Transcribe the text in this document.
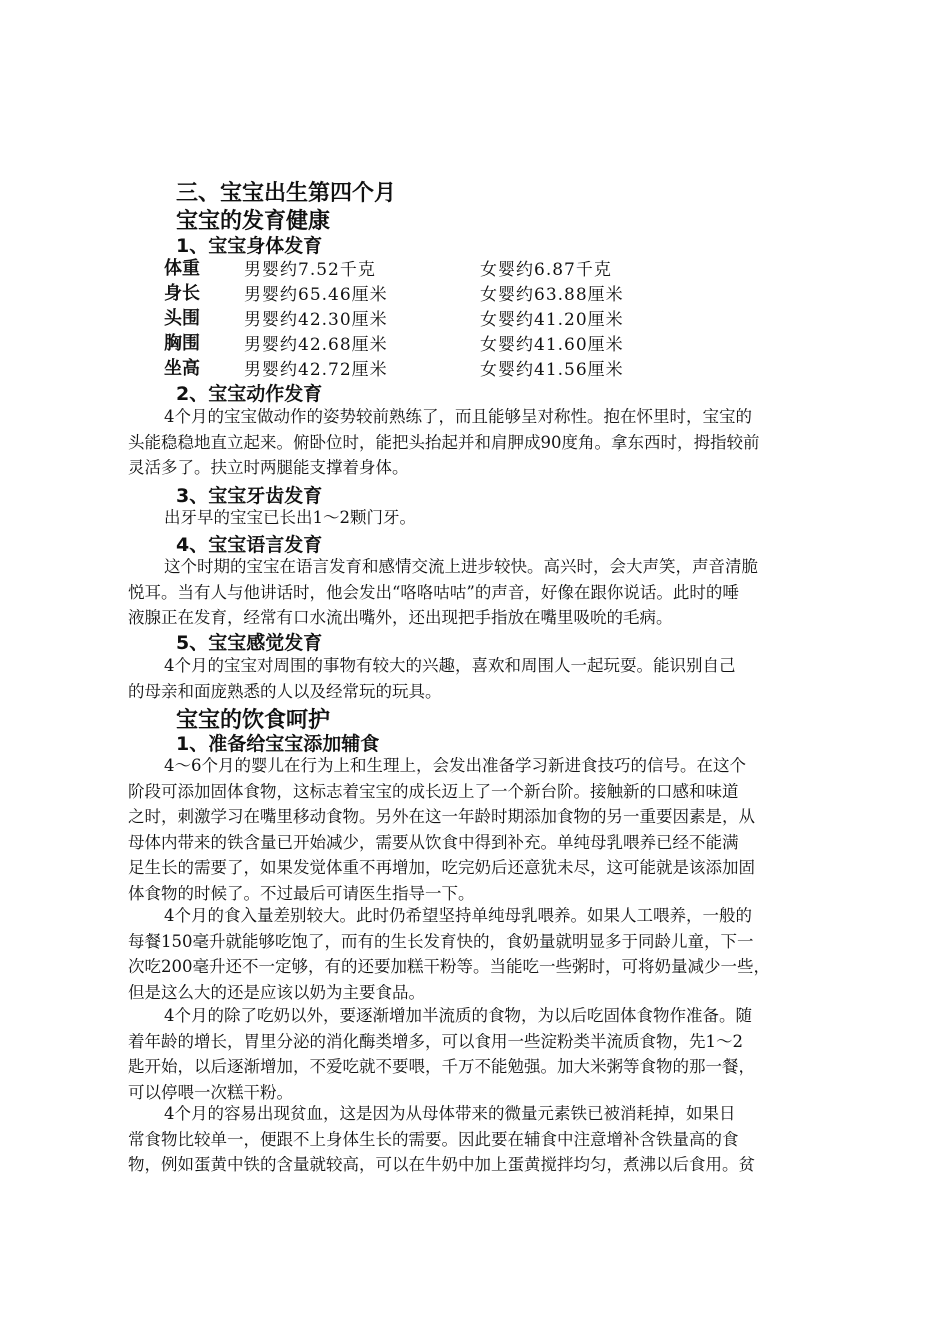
三、宝宝出生第四个月
宝宝的发育健康
1、宝宝身体发育
体重	男婴约7.52千克	女婴约6.87千克
身长	男婴约65.46厘米	女婴约63.88厘米
头围	男婴约42.30厘米	女婴约41.20厘米
胸围	男婴约42.68厘米	女婴约41.60厘米
坐高	男婴约42.72厘米	女婴约41.56厘米
2、宝宝动作发育
4个月的宝宝做动作的姿势较前熟练了，而且能够呈对称性。抱在怀里时，宝宝的
头能稳稳地直立起来。俯卧位时，能把头抬起并和肩胛成90度角。拿东西时，拇指较前
灵活多了。扶立时两腿能支撑着身体。
3、宝宝牙齿发育
出牙早的宝宝已长出1～2颗门牙。
4、宝宝语言发育
这个时期的宝宝在语言发育和感情交流上进步较快。高兴时，会大声笑，声音清脆
悦耳。当有人与他讲话时，他会发出“咯咯咕咕”的声音，好像在跟你说话。此时的唾
液腺正在发育，经常有口水流出嘴外，还出现把手指放在嘴里吸吮的毛病。
5、宝宝感觉发育
4个月的宝宝对周围的事物有较大的兴趣，喜欢和周围人一起玩耍。能识别自己
的母亲和面庞熟悉的人以及经常玩的玩具。
宝宝的饮食呵护
1、准备给宝宝添加辅食
4～6个月的婴儿在行为上和生理上，会发出准备学习新进食技巧的信号。在这个
阶段可添加固体食物，这标志着宝宝的成长迈上了一个新台阶。接触新的口感和味道
之时，刺激学习在嘴里移动食物。另外在这一年龄时期添加食物的另一重要因素是，从
母体内带来的铁含量已开始减少，需要从饮食中得到补充。单纯母乳喂养已经不能满
足生长的需要了，如果发觉体重不再增加，吃完奶后还意犹未尽，这可能就是该添加固
体食物的时候了。不过最后可请医生指导一下。
4个月的食入量差别较大。此时仍希望坚持单纯母乳喂养。如果人工喂养，一般的
每餐150毫升就能够吃饱了，而有的生长发育快的，食奶量就明显多于同龄儿童，下一
次吃200毫升还不一定够，有的还要加糕干粉等。当能吃一些粥时，可将奶量减少一些，
但是这么大的还是应该以奶为主要食品。
4个月的除了吃奶以外，要逐渐增加半流质的食物，为以后吃固体食物作准备。随
着年龄的增长，胃里分泌的消化酶类增多，可以食用一些淀粉类半流质食物，先1～2
匙开始，以后逐渐增加，不爱吃就不要喂，千万不能勉强。加大米粥等食物的那一餐，
可以停喂一次糕干粉。
4个月的容易出现贫血，这是因为从母体带来的微量元素铁已被消耗掉，如果日
常食物比较单一，便跟不上身体生长的需要。因此要在辅食中注意增补含铁量高的食
物，例如蛋黄中铁的含量就较高，可以在牛奶中加上蛋黄搅拌均匀，煮沸以后食用。贫
